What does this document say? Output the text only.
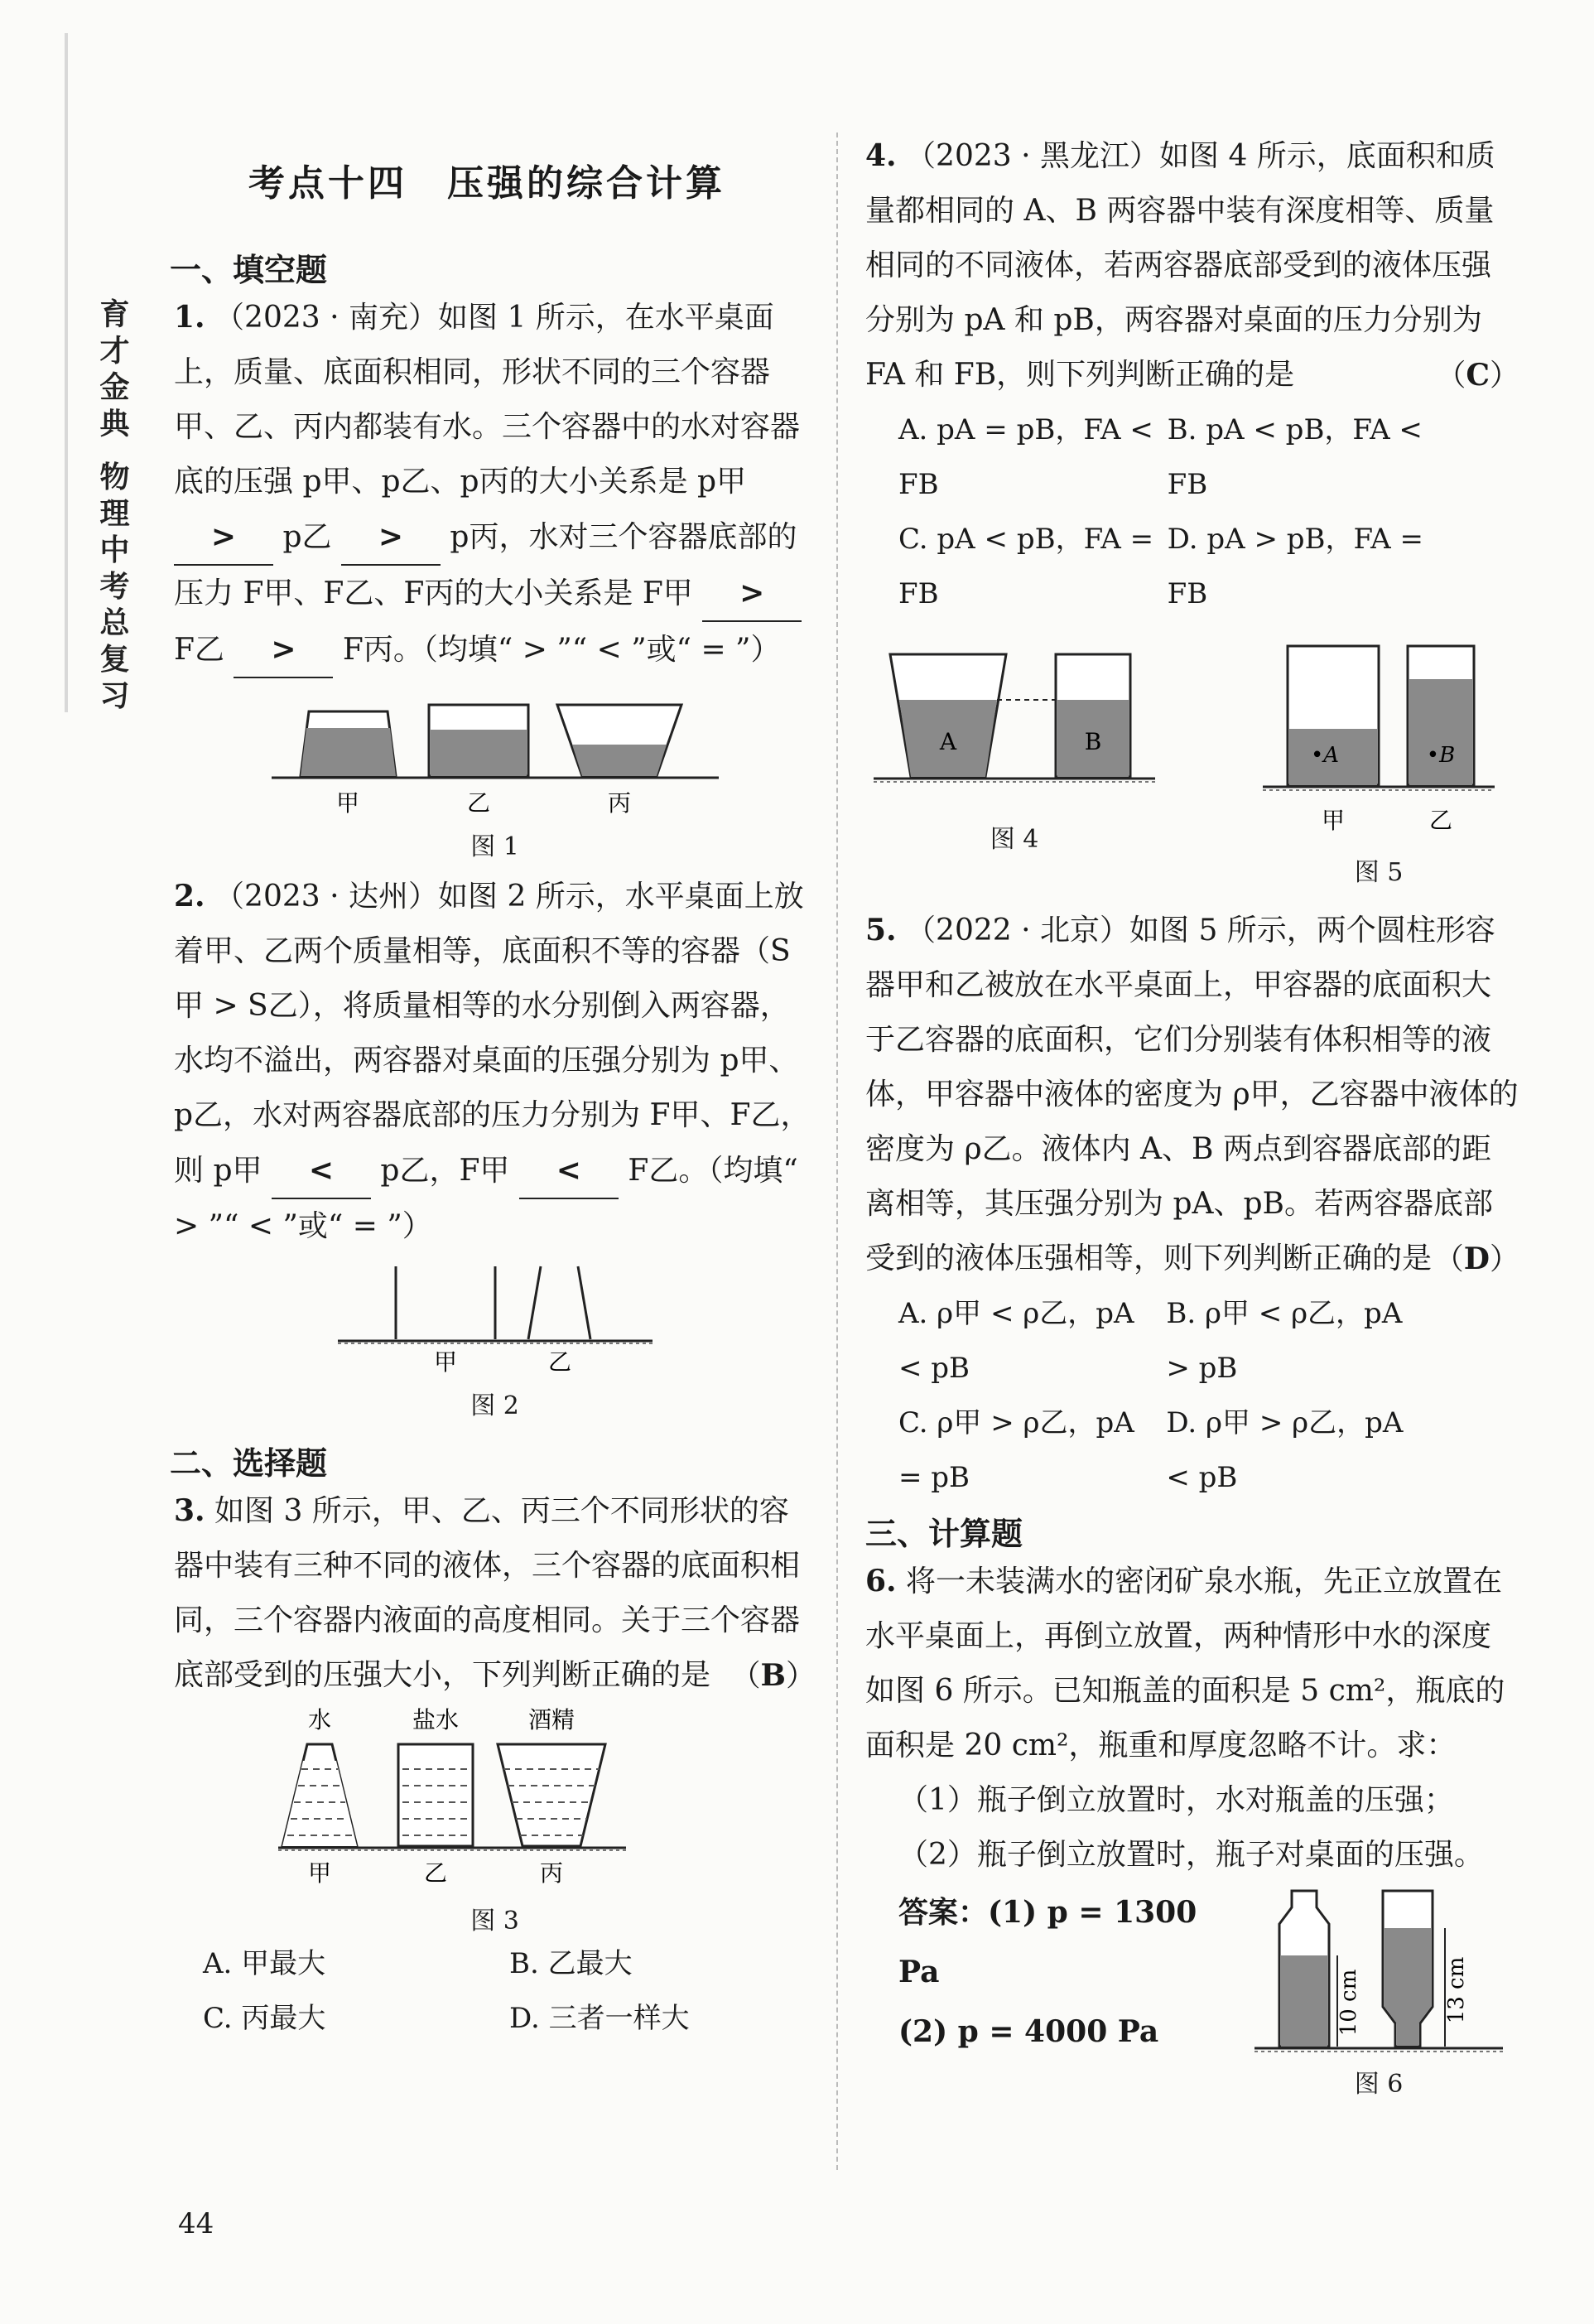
育才金典 物理中考总复习
考点十四　压强的综合计算

一、填空题

1. （2023 · 南充）如图 1 所示，在水平桌面上，质量、底面积相同，形状不同的三个容器甲、乙、丙内都装有水。三个容器中的水对容器底的压强 p甲、p乙、p丙的大小关系是 p甲 > p乙 > p丙，水对三个容器底部的压力 F甲、F乙、F丙的大小关系是 F甲 > F乙 > F丙。（均填“ > ”“ < ”或“ = ”）

甲	乙	丙
图 1

2. （2023 · 达州）如图 2 所示，水平桌面上放着甲、乙两个质量相等，底面积不等的容器（S甲 > S乙），将质量相等的水分别倒入两容器，水均不溢出，两容器对桌面的压强分别为 p甲、p乙，水对两容器底部的压力分别为 F甲、F乙，则 p甲 < p乙，F甲 < F乙。（均填“ > ”“ < ”或“ = ”）

甲	乙
图 2

二、选择题

3. 如图 3 所示，甲、乙、丙三个不同形状的容器中装有三种不同的液体，三个容器的底面积相同，三个容器内液面的高度相同。关于三个容器底部受到的压强大小，下列判断正确的是 （B）

水	盐水	酒精
甲	乙	丙
图 3
A. 甲最大	B. 乙最大
C. 丙最大	D. 三者一样大

4. （2023 · 黑龙江）如图 4 所示，底面积和质量都相同的 A、B 两容器中装有深度相等、质量相同的不同液体，若两容器底部受到的液体压强分别为 pA 和 pB，两容器对桌面的压力分别为 FA 和 FB，则下列判断正确的是	（C）

A. pA = pB，FA < FB
B. pA < pB，FA < FB
C. pA < pB，FA = FB
D. pA > pB，FA = FB
A	B
图 4
•A	•B
甲	乙
图 5

5. （2022 · 北京）如图 5 所示，两个圆柱形容器甲和乙被放在水平桌面上，甲容器的底面积大于乙容器的底面积，它们分别装有体积相等的液体，甲容器中液体的密度为 ρ甲，乙容器中液体的密度为 ρ乙。液体内 A、B 两点到容器底部的距离相等，其压强分别为 pA、pB。若两容器底部受到的液体压强相等，则下列判断正确的是 （D）

A. ρ甲 < ρ乙，pA < pB
B. ρ甲 < ρ乙，pA > pB
C. ρ甲 > ρ乙，pA = pB
D. ρ甲 > ρ乙，pA < pB

三、计算题

6. 将一未装满水的密闭矿泉水瓶，先正立放置在水平桌面上，再倒立放置，两种情形中水的深度如图 6 所示。已知瓶盖的面积是 5 cm²，瓶底的面积是 20 cm²，瓶重和厚度忽略不计。求：

（1）瓶子倒立放置时，水对瓶盖的压强；

（2）瓶子倒立放置时，瓶子对桌面的压强。

答案：(1) p = 1300 Pa
(2) p = 4000 Pa	10 cm	13 cm
图 6
44
